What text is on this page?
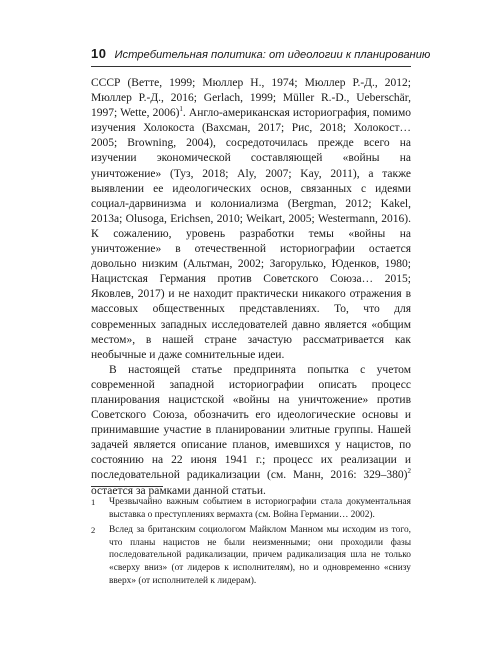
10 Истребительная политика: от идеологии к планированию

СССР (Ветте, 1999; Мюллер Н., 1974; Мюллер Р.-Д., 2012; Мюллер Р.-Д., 2016; Gerlach, 1999; Müller R.-D., Ueberschär, 1997; Wette, 2006)$^1$. Англо-американская историография, помимо изучения Холокоста (Вахсман, 2017; Рис, 2018; Холокост… 2005; Browning, 2004), сосредоточилась прежде всего на изучении экономической составляющей «войны на уничтожение» (Туз, 2018; Aly, 2007; Kay, 2011), а также выявлении ее идеологических основ, связанных с идеями социал-дарвинизма и колониализма (Bergman, 2012; Kakel, 2013a; Olusoga, Erichsen, 2010; Weikart, 2005; Westermann, 2016). К сожалению, уровень разработки темы «войны на уничтожение» в отечественной историографии остается довольно низким (Альтман, 2002; Загорулько, Юденков, 1980; Нацистская Германия против Советского Союза… 2015; Яковлев, 2017) и не находит практически никакого отражения в массовых общественных представлениях. То, что для современных западных исследователей давно является «общим местом», в нашей стране зачастую рассматривается как необычные и даже сомнительные идеи.

В настоящей статье предпринята попытка с учетом современной западной историографии описать процесс планирования нацистской «войны на уничтожение» против Советского Союза, обозначить его идеологические основы и принимавшие участие в планировании элитные группы. Нашей задачей является описание планов, имевшихся у нацистов, по состоянию на 22 июня 1941 г.; процесс их реализации и последовательной радикализации (см. Манн, 2016: 329–380)$^2$ остается за рамками данной статьи.

1	Чрезвычайно важным событием в историографии стала документальная выставка о преступлениях вермахта (см. Война Германии… 2002).
2	Вслед за британским социологом Майклом Манном мы исходим из того, что планы нацистов не были неизменными; они проходили фазы последовательной радикализации, причем радикализация шла не только «сверху вниз» (от лидеров к исполнителям), но и одновременно «снизу вверх» (от исполнителей к лидерам).
